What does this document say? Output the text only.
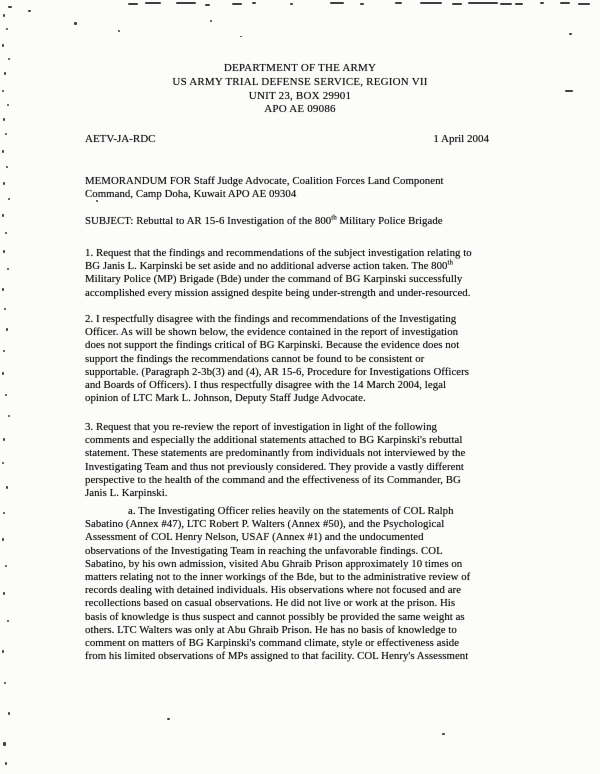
DEPARTMENT OF THE ARMY
US ARMY TRIAL DEFENSE SERVICE, REGION VII
UNIT 23, BOX 29901
APO AE 09086
AETV-JA-RDC	1 April 2004
MEMORANDUM FOR Staff Judge Advocate, Coalition Forces Land Component
Command, Camp Doha, Kuwait APO AE 09304
SUBJECT: Rebuttal to AR 15-6 Investigation of the 800th Military Police Brigade
1. Request that the findings and recommendations of the subject investigation relating to
BG Janis L. Karpinski be set aside and no additional adverse action taken. The 800th
Military Police (MP) Brigade (Bde) under the command of BG Karpinski successfully
accomplished every mission assigned despite being under-strength and under-resourced.
2. I respectfully disagree with the findings and recommendations of the Investigating
Officer. As will be shown below, the evidence contained in the report of investigation
does not support the findings critical of BG Karpinski. Because the evidence does not
support the findings the recommendations cannot be found to be consistent or
supportable. (Paragraph 2-3b(3) and (4), AR 15-6, Procedure for Investigations Officers
and Boards of Officers). I thus respectfully disagree with the 14 March 2004, legal
opinion of LTC Mark L. Johnson, Deputy Staff Judge Advocate.
3. Request that you re-review the report of investigation in light of the following
comments and especially the additional statements attached to BG Karpinski's rebuttal
statement. These statements are predominantly from individuals not interviewed by the
Investigating Team and thus not previously considered. They provide a vastly different
perspective to the health of the command and the effectiveness of its Commander, BG
Janis L. Karpinski.
a. The Investigating Officer relies heavily on the statements of COL Ralph
Sabatino (Annex #47), LTC Robert P. Walters (Annex #50), and the Psychological
Assessment of COL Henry Nelson, USAF (Annex #1) and the undocumented
observations of the Investigating Team in reaching the unfavorable findings. COL
Sabatino, by his own admission, visited Abu Ghraib Prison approximately 10 times on
matters relating not to the inner workings of the Bde, but to the administrative review of
records dealing with detained individuals. His observations where not focused and are
recollections based on casual observations. He did not live or work at the prison. His
basis of knowledge is thus suspect and cannot possibly be provided the same weight as
others. LTC Walters was only at Abu Ghraib Prison. He has no basis of knowledge to
comment on matters of BG Karpinski's command climate, style or effectiveness aside
from his limited observations of MPs assigned to that facility. COL Henry's Assessment
